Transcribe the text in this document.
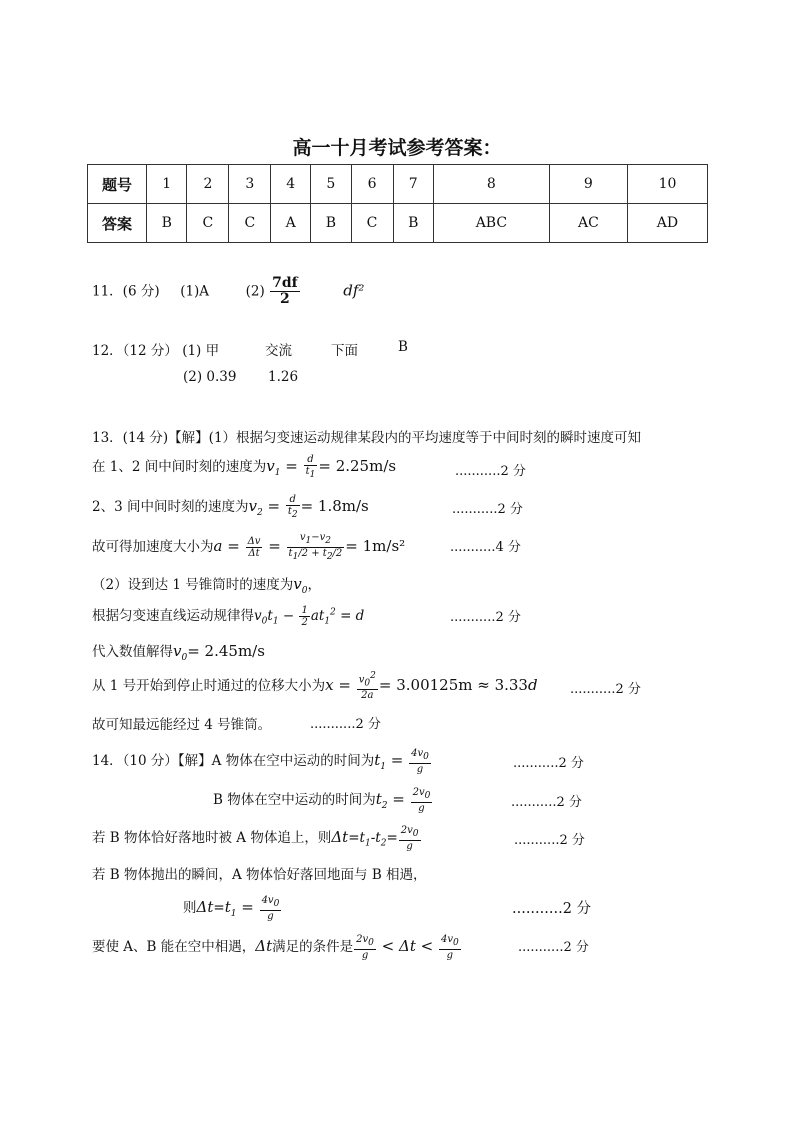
高一十月考试参考答案：
题号	1	2	3	4	5	6	7	8	9	10
答案	B	C	C	A	B	C	B	ABC	AC	AD
11．(6 分) (1)A	$(2) \frac{7df}{2}$	df²
12．（12 分） (1) 甲	交流	下面	B
(2) 0.39 1.26
13．(14 分)【解】(1）根据匀变速运动规律某段内的平均速度等于中间时刻的瞬时速度可知
在 1、2 间中间时刻的速度为$v_1 = \frac{d}{t_1} = 2.25m/s$	...........2 分
2、3 间中间时刻的速度为$v_2 = \frac{d}{t_2} = 1.8m/s$	...........2 分
故可得加速度大小为$a = \frac{\Delta v}{\Delta t} = \frac{v_1-v_2}{t_1/2 + t_2/2} = 1m/s^2$	...........4 分
（2）设到达 1 号锥筒时的速度为$v_0$，
根据匀变速直线运动规律得$v_0t_1 - \frac{1}{2} at_1^2 = d$	...........2 分
代入数值解得$v_0= 2.45m/s$
从 1 号开始到停止时通过的位移大小为$x = \frac{v_0^2}{2a} = 3.00125m \approx 3.33d$ ...........2 分
故可知最远能经过 4 号锥筒。	...........2 分
14．（10 分）【解】A 物体在空中运动的时间为$t_1 = \frac{4v_0}{g}$	...........2 分
B 物体在空中运动的时间为$t_2 = \frac{2v_0}{g}$	...........2 分
若 B 物体恰好落地时被 A 物体追上，则$\Delta t=t_1-t_2= \frac{2v_0}{g}$	...........2 分
若 B 物体抛出的瞬间，A 物体恰好落回地面与 B 相遇，
则$\Delta t=t_1 = \frac{4v_0}{g}$	...........2 分
要使 A、B 能在空中相遇，Δt满足的条件是 $\frac{2v_0}{g} < \Delta t < \frac{4v_0}{g}$	...........2 分
